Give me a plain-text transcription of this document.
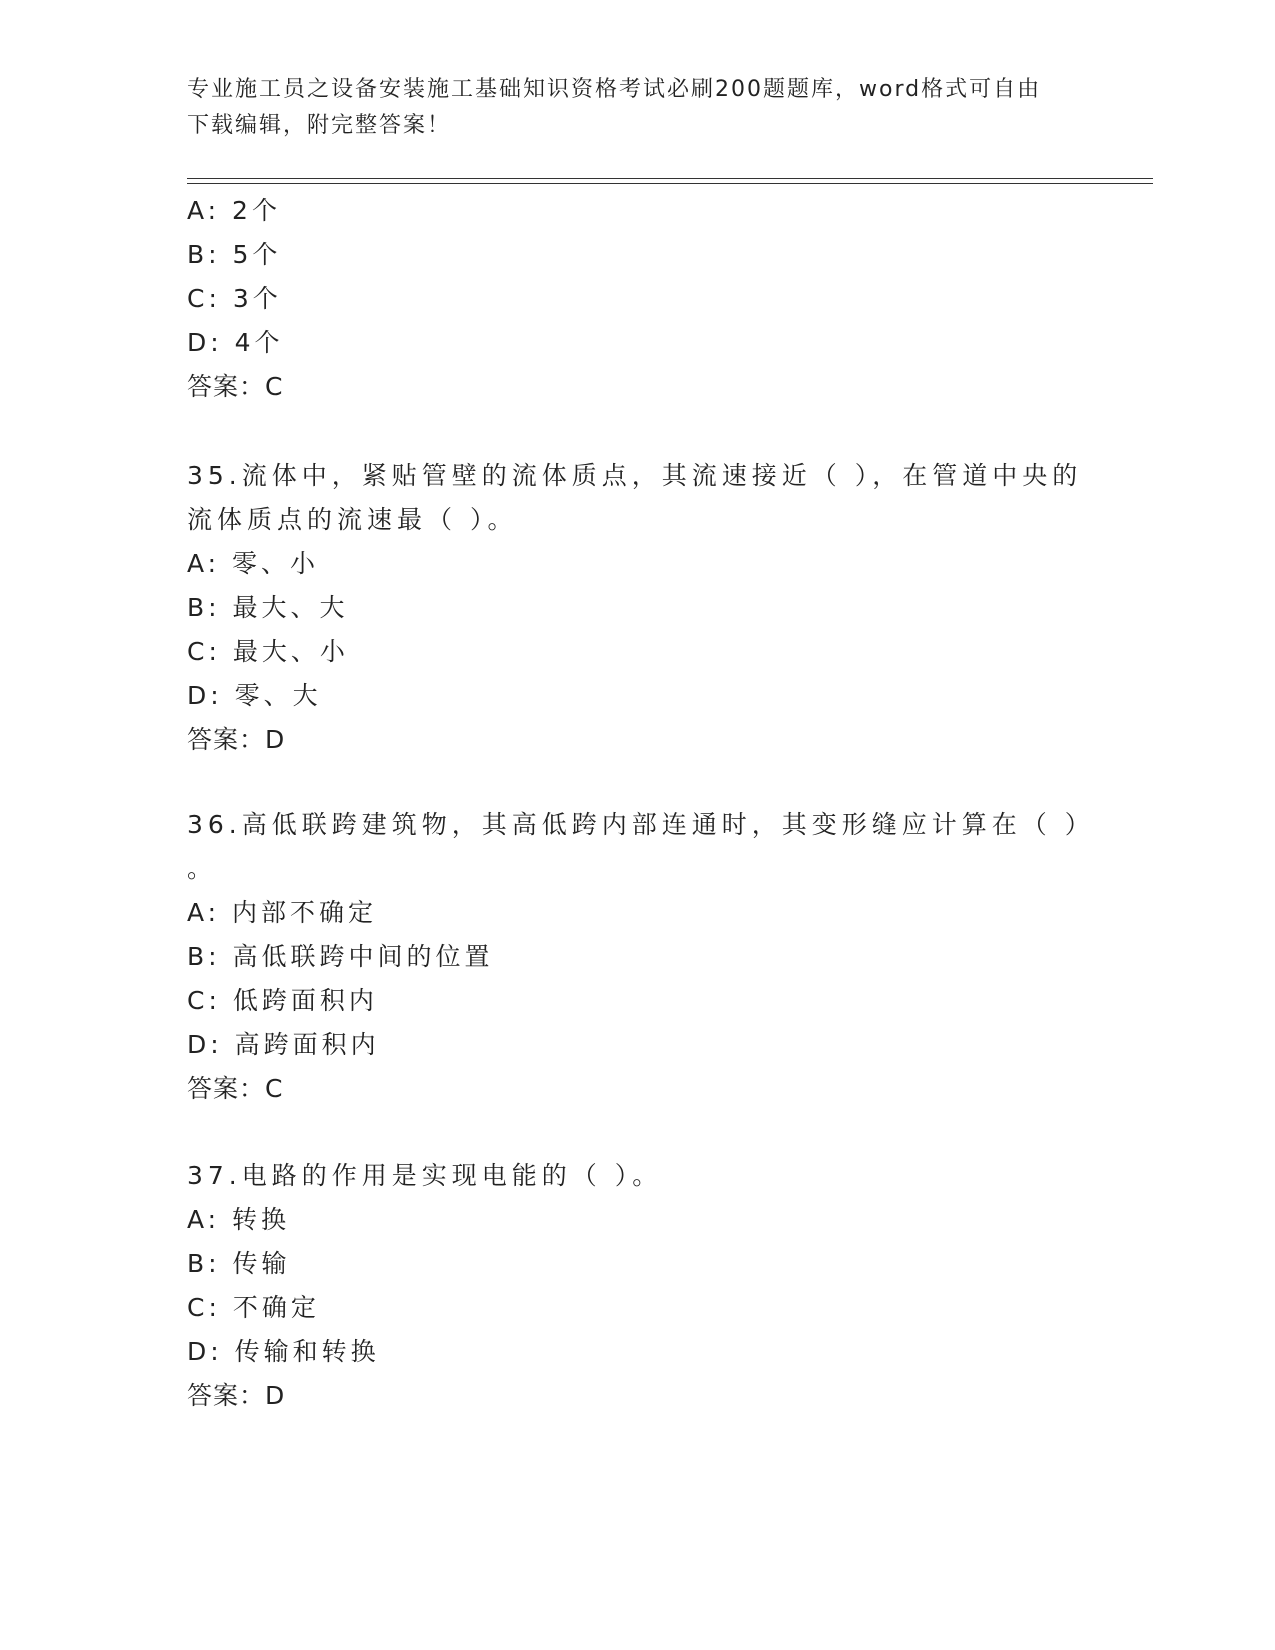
专业施工员之设备安装施工基础知识资格考试必刷200题题库，word格式可自由
下载编辑，附完整答案！
A: 2个
B: 5个
C: 3个
D: 4个
答案：C
35.流体中，紧贴管壁的流体质点，其流速接近（ ），在管道中央的
流体质点的流速最（ ）。
A: 零、小
B: 最大、大
C: 最大、小
D: 零、大
答案：D
36.高低联跨建筑物，其高低跨内部连通时，其变形缝应计算在（ ）
。
A: 内部不确定
B: 高低联跨中间的位置
C: 低跨面积内
D: 高跨面积内
答案：C
37.电路的作用是实现电能的（ ）。
A: 转换
B: 传输
C: 不确定
D: 传输和转换
答案：D
